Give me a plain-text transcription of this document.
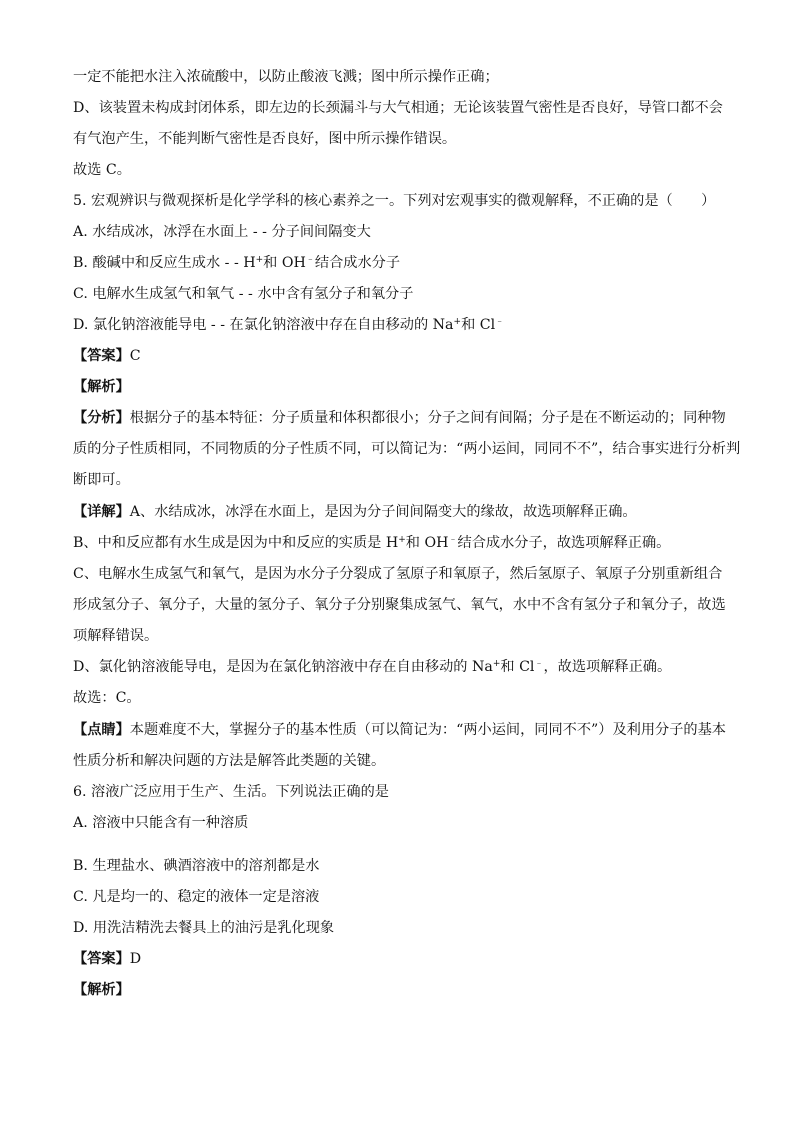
一定不能把水注入浓硫酸中，以防止酸液飞溅；图中所示操作正确；
D、该装置未构成封闭体系，即左边的长颈漏斗与大气相通；无论该装置气密性是否良好，导管口都不会
有气泡产生，不能判断气密性是否良好，图中所示操作错误。
故选 C。
5. 宏观辨识与微观探析是化学学科的核心素养之一。下列对宏观事实的微观解释，不正确的是（　　）
A. 水结成冰，冰浮在水面上 - - 分子间间隔变大
B. 酸碱中和反应生成水 - - H+和 OH﹣结合成水分子
C. 电解水生成氢气和氧气 - - 水中含有氢分子和氧分子
D. 氯化钠溶液能导电 - - 在氯化钠溶液中存在自由移动的 Na+和 Cl﹣
【答案】C
【解析】
【分析】根据分子的基本特征：分子质量和体积都很小；分子之间有间隔；分子是在不断运动的；同种物
质的分子性质相同，不同物质的分子性质不同，可以简记为：“两小运间，同同不不”，结合事实进行分析判
断即可。
【详解】A、水结成冰，冰浮在水面上，是因为分子间间隔变大的缘故，故选项解释正确。
B、中和反应都有水生成是因为中和反应的实质是 H+和 OH﹣结合成水分子，故选项解释正确。
C、电解水生成氢气和氧气，是因为水分子分裂成了氢原子和氧原子，然后氢原子、氧原子分别重新组合
形成氢分子、氧分子，大量的氢分子、氧分子分别聚集成氢气、氧气，水中不含有氢分子和氧分子，故选
项解释错误。
D、氯化钠溶液能导电，是因为在氯化钠溶液中存在自由移动的 Na+和 Cl﹣，故选项解释正确。
故选：C。
【点睛】本题难度不大，掌握分子的基本性质（可以简记为：“两小运间，同同不不”）及利用分子的基本
性质分析和解决问题的方法是解答此类题的关键。
6. 溶液广泛应用于生产、生活。下列说法正确的是
A. 溶液中只能含有一种溶质
B. 生理盐水、碘酒溶液中的溶剂都是水
C. 凡是均一的、稳定的液体一定是溶液
D. 用洗洁精洗去餐具上的油污是乳化现象
【答案】D
【解析】
